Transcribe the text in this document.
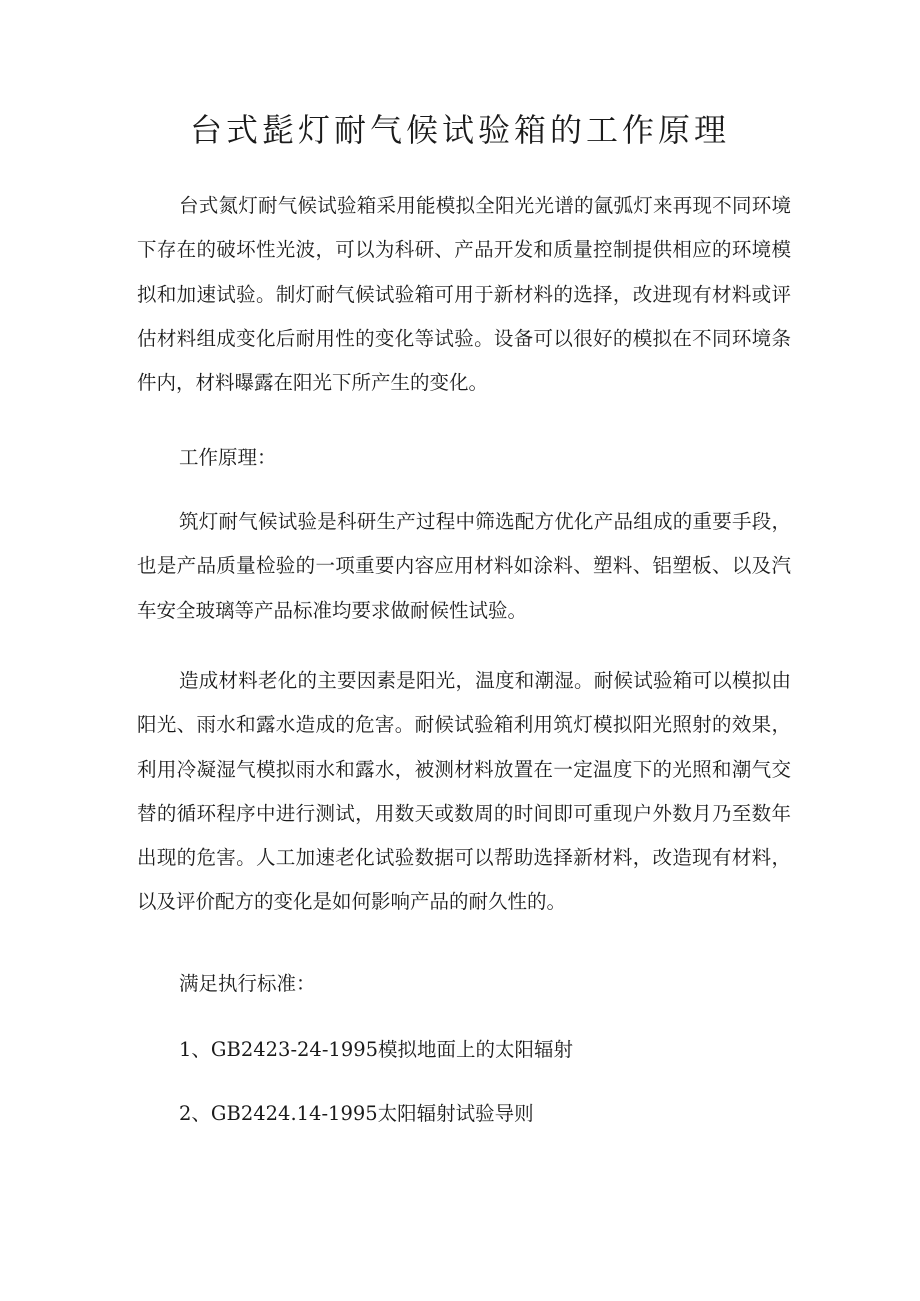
台式髭灯耐气候试验箱的工作原理

台式氮灯耐气候试验箱采用能模拟全阳光光谱的氤弧灯来再现不同环境下存在的破坏性光波，可以为科研、产品开发和质量控制提供相应的环境模拟和加速试验。制灯耐气候试验箱可用于新材料的选择，改进现有材料或评估材料组成变化后耐用性的变化等试验。设备可以很好的模拟在不同环境条件内，材料曝露在阳光下所产生的变化。

工作原理：

筑灯耐气候试验是科研生产过程中筛选配方优化产品组成的重要手段，也是产品质量检验的一项重要内容应用材料如涂料、塑料、铝塑板、以及汽车安全玻璃等产品标准均要求做耐候性试验。

造成材料老化的主要因素是阳光，温度和潮湿。耐候试验箱可以模拟由阳光、雨水和露水造成的危害。耐候试验箱利用筑灯模拟阳光照射的效果，利用冷凝湿气模拟雨水和露水，被测材料放置在一定温度下的光照和潮气交替的循环程序中进行测试，用数天或数周的时间即可重现户外数月乃至数年出现的危害。人工加速老化试验数据可以帮助选择新材料，改造现有材料，以及评价配方的变化是如何影响产品的耐久性的。

满足执行标准：

1、GB2423-24-1995模拟地面上的太阳辐射

2、GB2424.14-1995太阳辐射试验导则
